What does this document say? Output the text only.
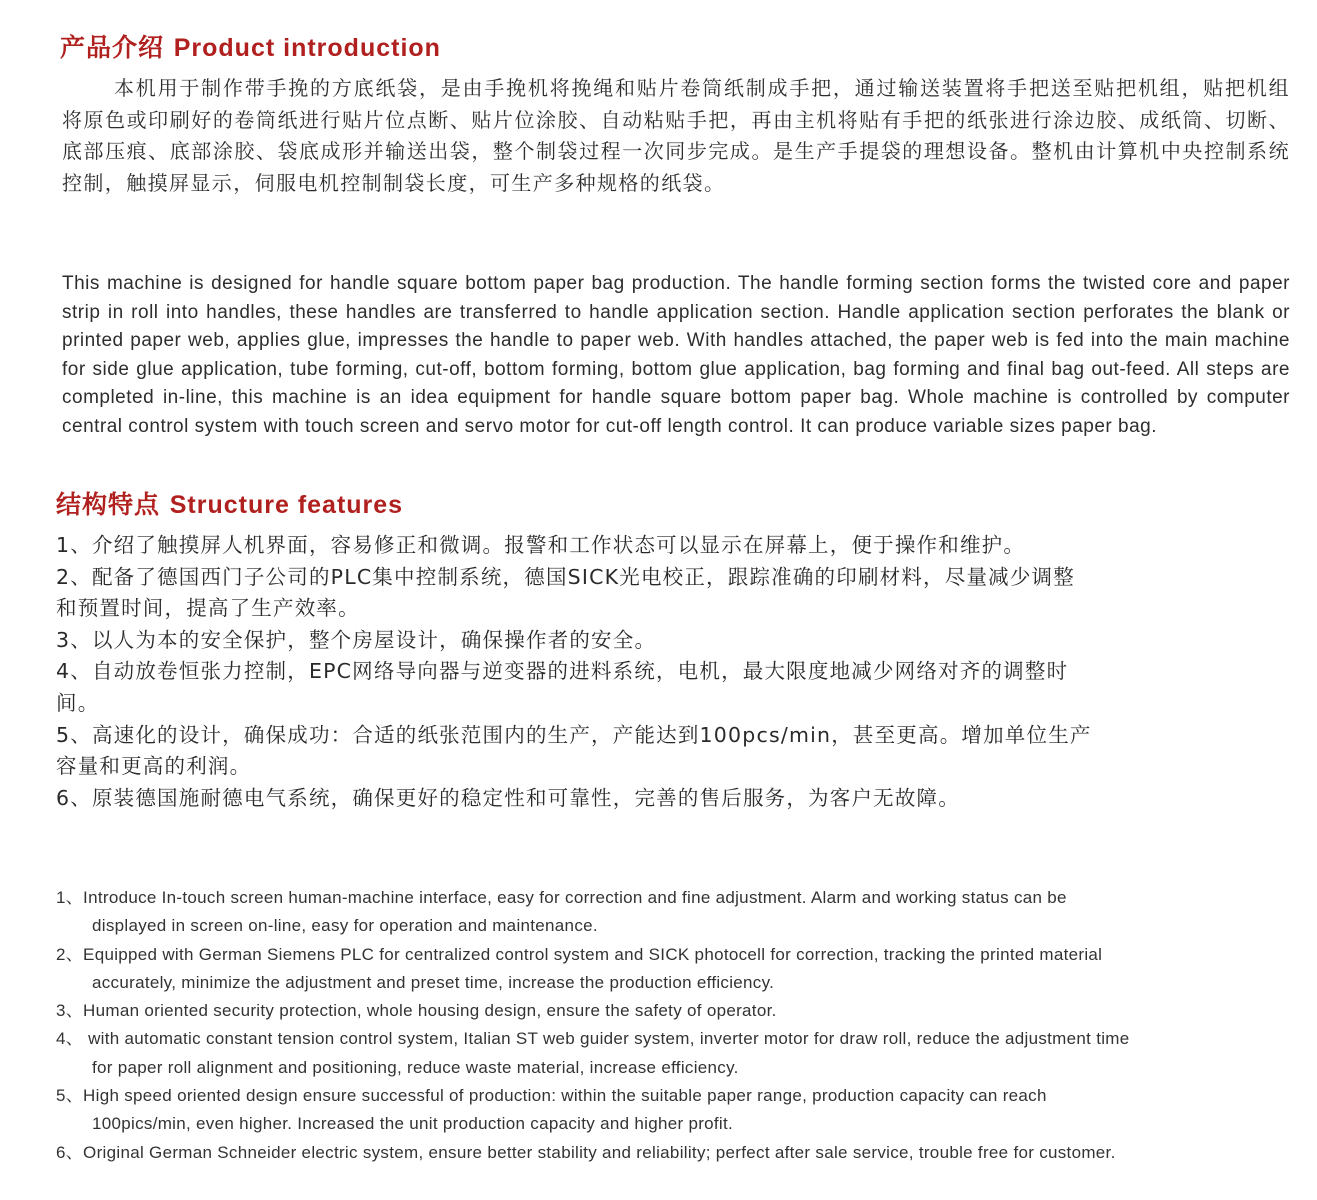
产品介绍 Product introduction

本机用于制作带手挽的方底纸袋，是由手挽机将挽绳和贴片卷筒纸制成手把，通过输送装置将手把送至贴把机组，贴把机组将原色或印刷好的卷筒纸进行贴片位点断、贴片位涂胶、自动粘贴手把，再由主机将贴有手把的纸张进行涂边胶、成纸筒、切断、底部压痕、底部涂胶、袋底成形并输送出袋，整个制袋过程一次同步完成。是生产手提袋的理想设备。整机由计算机中央控制系统控制，触摸屏显示，伺服电机控制制袋长度，可生产多种规格的纸袋。

This machine is designed for handle square bottom paper bag production. The handle forming section forms the twisted core and paper strip in roll into handles, these handles are transferred to handle application section. Handle application section perforates the blank or printed paper web, applies glue, impresses the handle to paper web. With handles attached, the paper web is fed into the main machine for side glue application, tube forming, cut-off, bottom forming, bottom glue application, bag forming and final bag out-feed. All steps are completed in-line, this machine is an idea equipment for handle square bottom paper bag. Whole machine is controlled by computer central control system with touch screen and servo motor for cut-off length control. It can produce variable sizes paper bag.

结构特点 Structure features
1、介绍了触摸屏人机界面，容易修正和微调。报警和工作状态可以显示在屏幕上，便于操作和维护。
2、配备了德国西门子公司的PLC集中控制系统，德国SICK光电校正，跟踪准确的印刷材料，尽量减少调整和预置时间，提高了生产效率。
3、以人为本的安全保护，整个房屋设计，确保操作者的安全。
4、自动放卷恒张力控制，EPC网络导向器与逆变器的进料系统，电机，最大限度地减少网络对齐的调整时间。
5、高速化的设计，确保成功：合适的纸张范围内的生产，产能达到100pcs/min，甚至更高。增加单位生产容量和更高的利润。
6、原装德国施耐德电气系统，确保更好的稳定性和可靠性，完善的售后服务，为客户无故障。
1、Introduce In-touch screen human-machine interface, easy for correction and fine adjustment. Alarm and working status can be displayed in screen on-line, easy for operation and maintenance.
2、Equipped with German Siemens PLC for centralized control system and SICK photocell for correction, tracking the printed material accurately, minimize the adjustment and preset time, increase the production efficiency.
3、Human oriented security protection, whole housing design, ensure the safety of operator.
4、 with automatic constant tension control system, Italian ST web guider system, inverter motor for draw roll, reduce the adjustment time for paper roll alignment and positioning, reduce waste material, increase efficiency.
5、High speed oriented design ensure successful of production: within the suitable paper range, production capacity can reach 100pics/min, even higher. Increased the unit production capacity and higher profit.
6、Original German Schneider electric system, ensure better stability and reliability; perfect after sale service, trouble free for customer.
